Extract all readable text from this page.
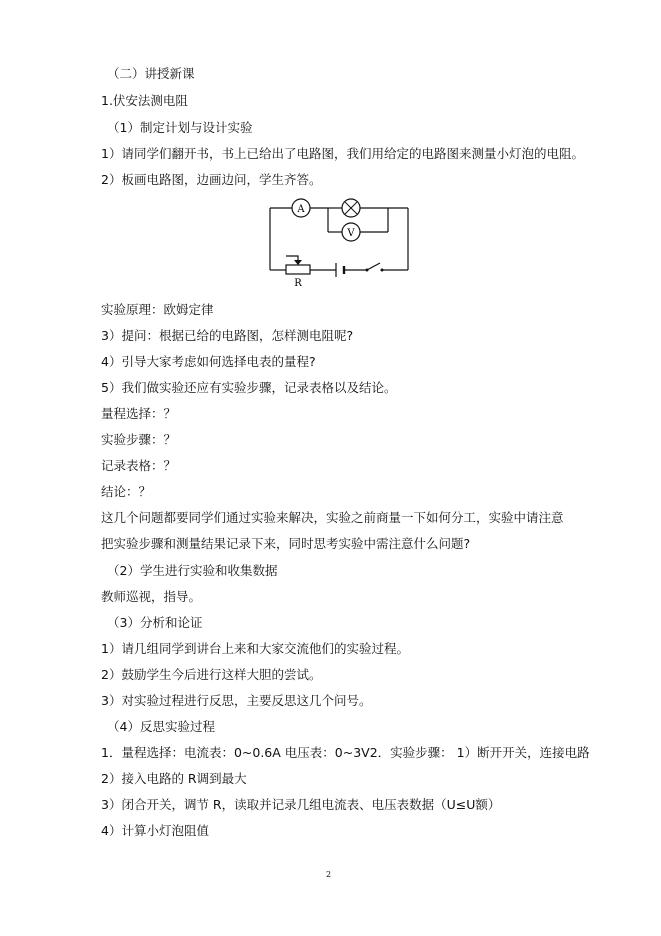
（二）讲授新课
1.伏安法测电阻
（1）制定计划与设计实验
1）请同学们翻开书，书上已给出了电路图，我们用给定的电路图来测量小灯泡的电阻。
2）板画电路图，边画边问，学生齐答。
A
V
R
实验原理：欧姆定律
3）提问：根据已给的电路图，怎样测电阻呢?
4）引导大家考虑如何选择电表的量程?
5）我们做实验还应有实验步骤，记录表格以及结论。
量程选择：？
实验步骤：？
记录表格：？
结论：？
这几个问题都要同学们通过实验来解决，实验之前商量一下如何分工，实验中请注意把实验步骤和测量结果记录下来，同时思考实验中需注意什么问题?
（2）学生进行实验和收集数据
教师巡视，指导。
（3）分析和论证
1）请几组同学到讲台上来和大家交流他们的实验过程。
2）鼓励学生今后进行这样大胆的尝试。
3）对实验过程进行反思，主要反思这几个问号。
（4）反思实验过程
1．量程选择：电流表：0~0.6A 电压表：0~3V2．实验步骤： 1）断开开关，连接电路
2）接入电路的 R调到最大
3）闭合开关，调节 R，读取并记录几组电流表、电压表数据（U≤U额）
4）计算小灯泡阻值
2
